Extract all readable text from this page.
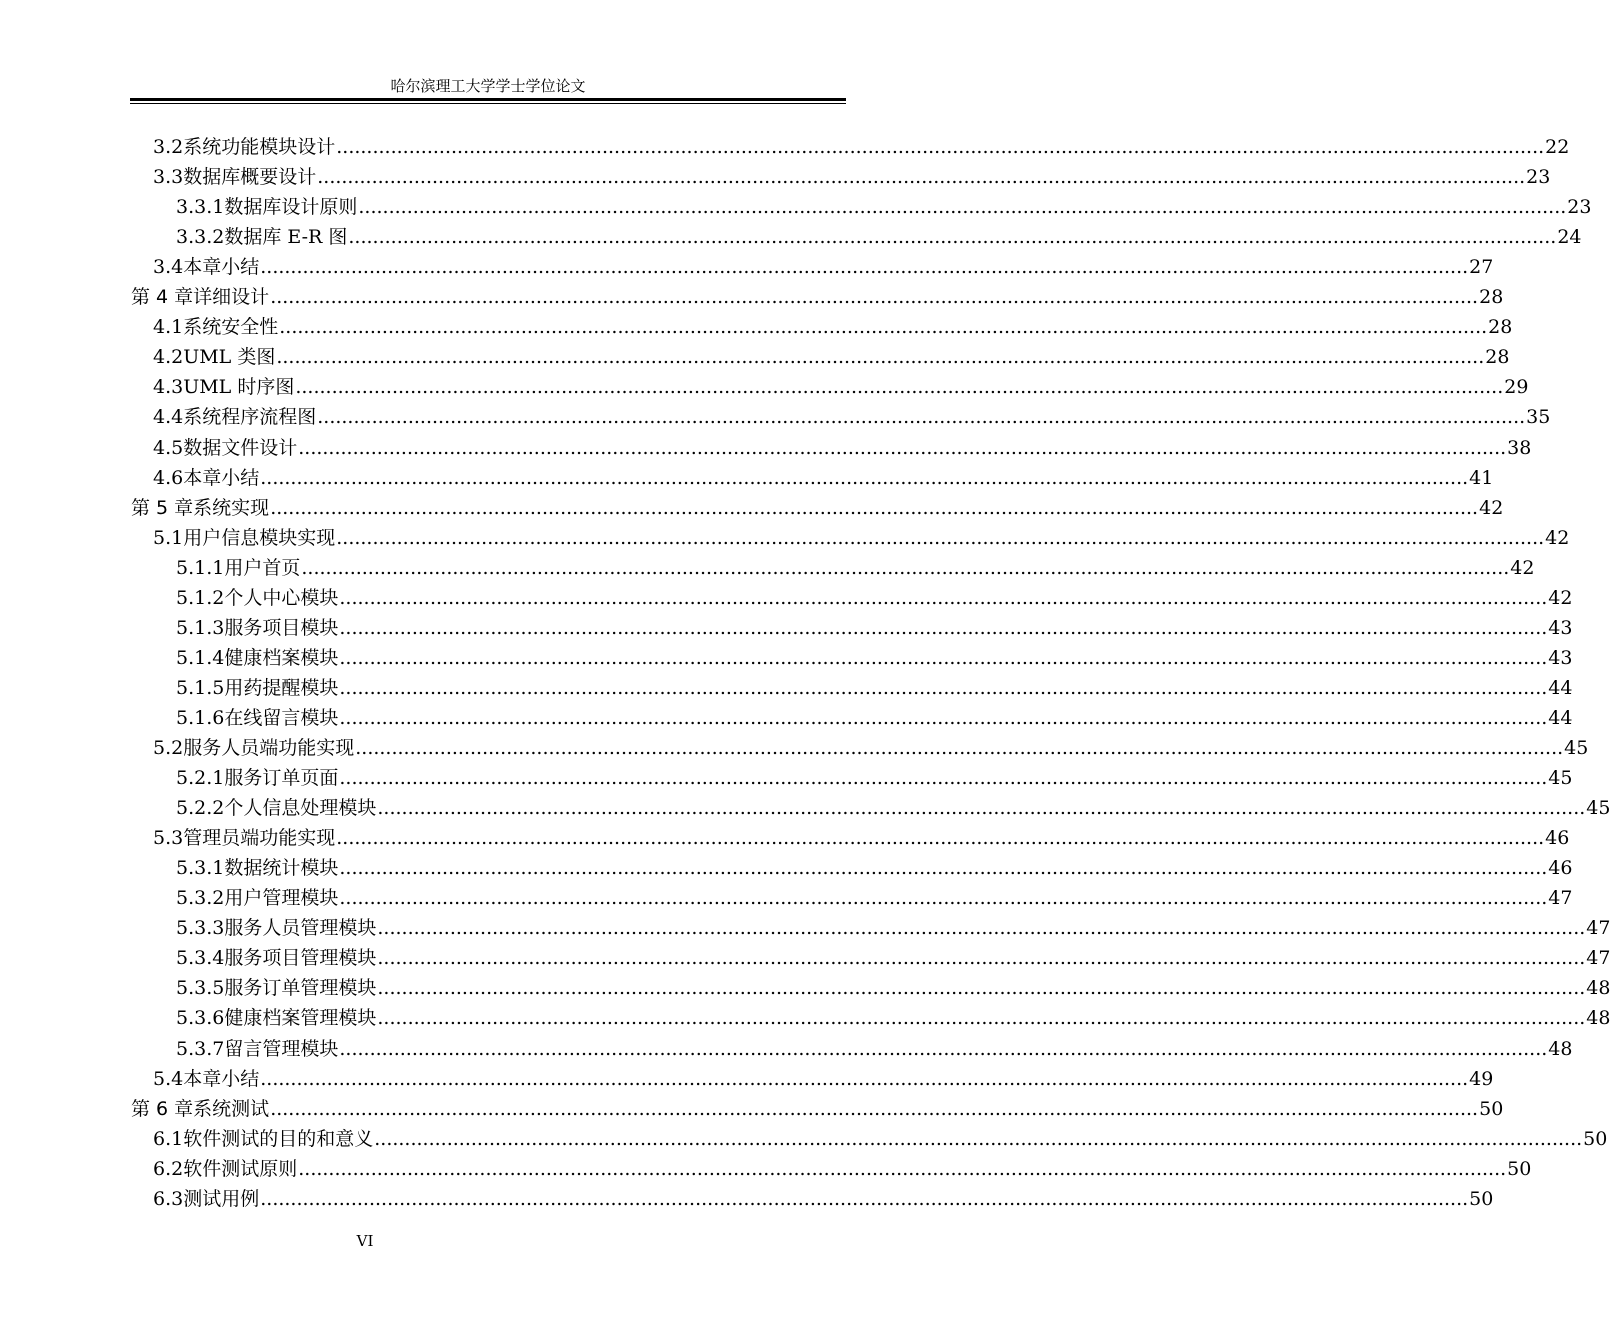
哈尔滨理工大学学士学位论文
3.2 系统功能模块设计 ........................................................................................................................................................................................................ 22
3.3 数据库概要设计 ........................................................................................................................................................................................................ 23
3.3.1 数据库设计原则 ........................................................................................................................................................................................................ 23
3.3.2 数据库 E-R 图 ........................................................................................................................................................................................................ 24
3.4 本章小结 ........................................................................................................................................................................................................ 27
第 4 章 详细设计 ........................................................................................................................................................................................................ 28
4.1 系统安全性 ........................................................................................................................................................................................................ 28
4.2 UML 类图 ........................................................................................................................................................................................................ 28
4.3 UML 时序图 ........................................................................................................................................................................................................ 29
4.4 系统程序流程图 ........................................................................................................................................................................................................ 35
4.5 数据文件设计 ........................................................................................................................................................................................................ 38
4.6 本章小结 ........................................................................................................................................................................................................ 41
第 5 章 系统实现 ........................................................................................................................................................................................................ 42
5.1 用户信息模块实现 ........................................................................................................................................................................................................ 42
5.1.1 用户首页 ........................................................................................................................................................................................................ 42
5.1.2 个人中心模块 ........................................................................................................................................................................................................ 42
5.1.3 服务项目模块 ........................................................................................................................................................................................................ 43
5.1.4 健康档案模块 ........................................................................................................................................................................................................ 43
5.1.5 用药提醒模块 ........................................................................................................................................................................................................ 44
5.1.6 在线留言模块 ........................................................................................................................................................................................................ 44
5.2 服务人员端功能实现 ........................................................................................................................................................................................................ 45
5.2.1 服务订单页面 ........................................................................................................................................................................................................ 45
5.2.2 个人信息处理模块 ........................................................................................................................................................................................................ 45
5.3 管理员端功能实现 ........................................................................................................................................................................................................ 46
5.3.1 数据统计模块 ........................................................................................................................................................................................................ 46
5.3.2 用户管理模块 ........................................................................................................................................................................................................ 47
5.3.3 服务人员管理模块 ........................................................................................................................................................................................................ 47
5.3.4 服务项目管理模块 ........................................................................................................................................................................................................ 47
5.3.5 服务订单管理模块 ........................................................................................................................................................................................................ 48
5.3.6 健康档案管理模块 ........................................................................................................................................................................................................ 48
5.3.7 留言管理模块 ........................................................................................................................................................................................................ 48
5.4 本章小结 ........................................................................................................................................................................................................ 49
第 6 章 系统测试 ........................................................................................................................................................................................................ 50
6.1 软件测试的目的和意义 ........................................................................................................................................................................................................ 50
6.2 软件测试原则 ........................................................................................................................................................................................................ 50
6.3 测试用例 ........................................................................................................................................................................................................ 50
VI
